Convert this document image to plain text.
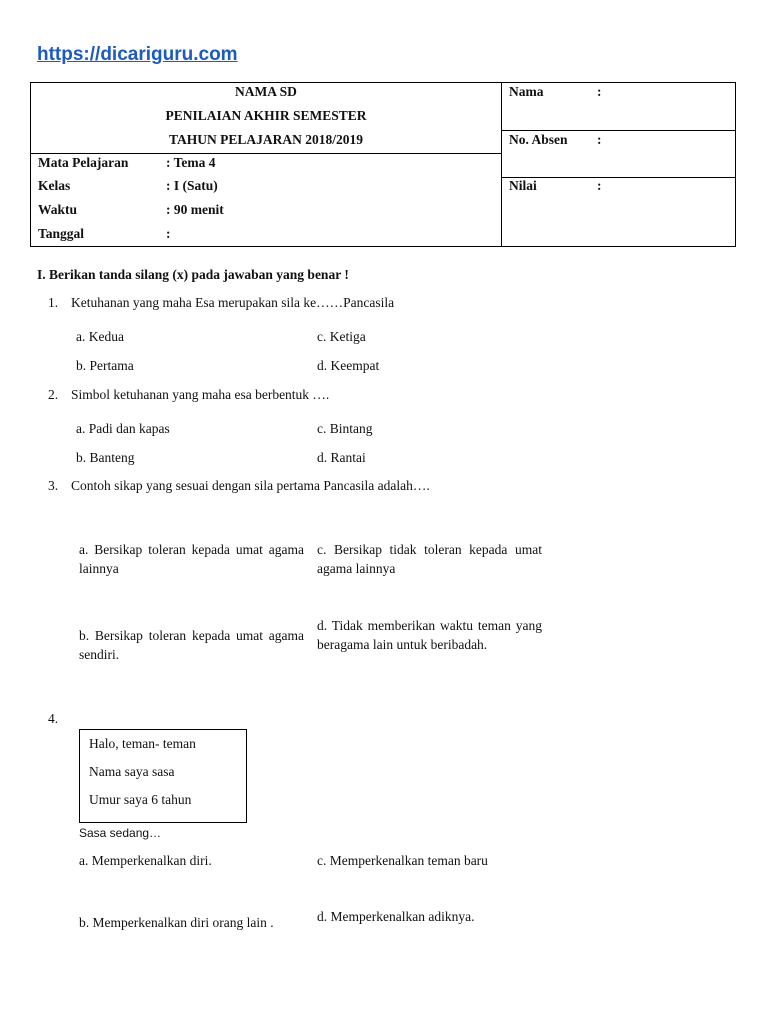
https://dicariguru.com
NAMA SD
PENILAIAN AKHIR SEMESTER
TAHUN PELAJARAN 2018/2019
Mata Pelajaran	: Tema 4
Kelas	: I (Satu)
Waktu	: 90 menit
Tanggal	:
Nama	:
No. Absen :
Nilai	:
I. Berikan tanda silang (x) pada jawaban yang benar !
1. Ketuhanan yang maha Esa merupakan sila ke……Pancasila
a. Kedua
b. Pertama
c. Ketiga
d. Keempat
2. Simbol ketuhanan yang maha esa berbentuk ….
a. Padi dan kapas
b. Banteng
c. Bintang
d. Rantai
3. Contoh sikap yang sesuai dengan sila pertama Pancasila adalah….
a. Bersikap toleran kepada umat agama lainnya
b. Bersikap toleran kepada umat agama sendiri.
c. Bersikap tidak toleran kepada umat agama lainnya
d. Tidak memberikan waktu teman yang beragama lain untuk beribadah.
4.
Halo, teman- teman
Nama saya sasa
Umur saya 6 tahun
Sasa sedang…
a. Memperkenalkan diri.
b. Memperkenalkan diri orang lain .
c. Memperkenalkan teman baru
d. Memperkenalkan adiknya.
